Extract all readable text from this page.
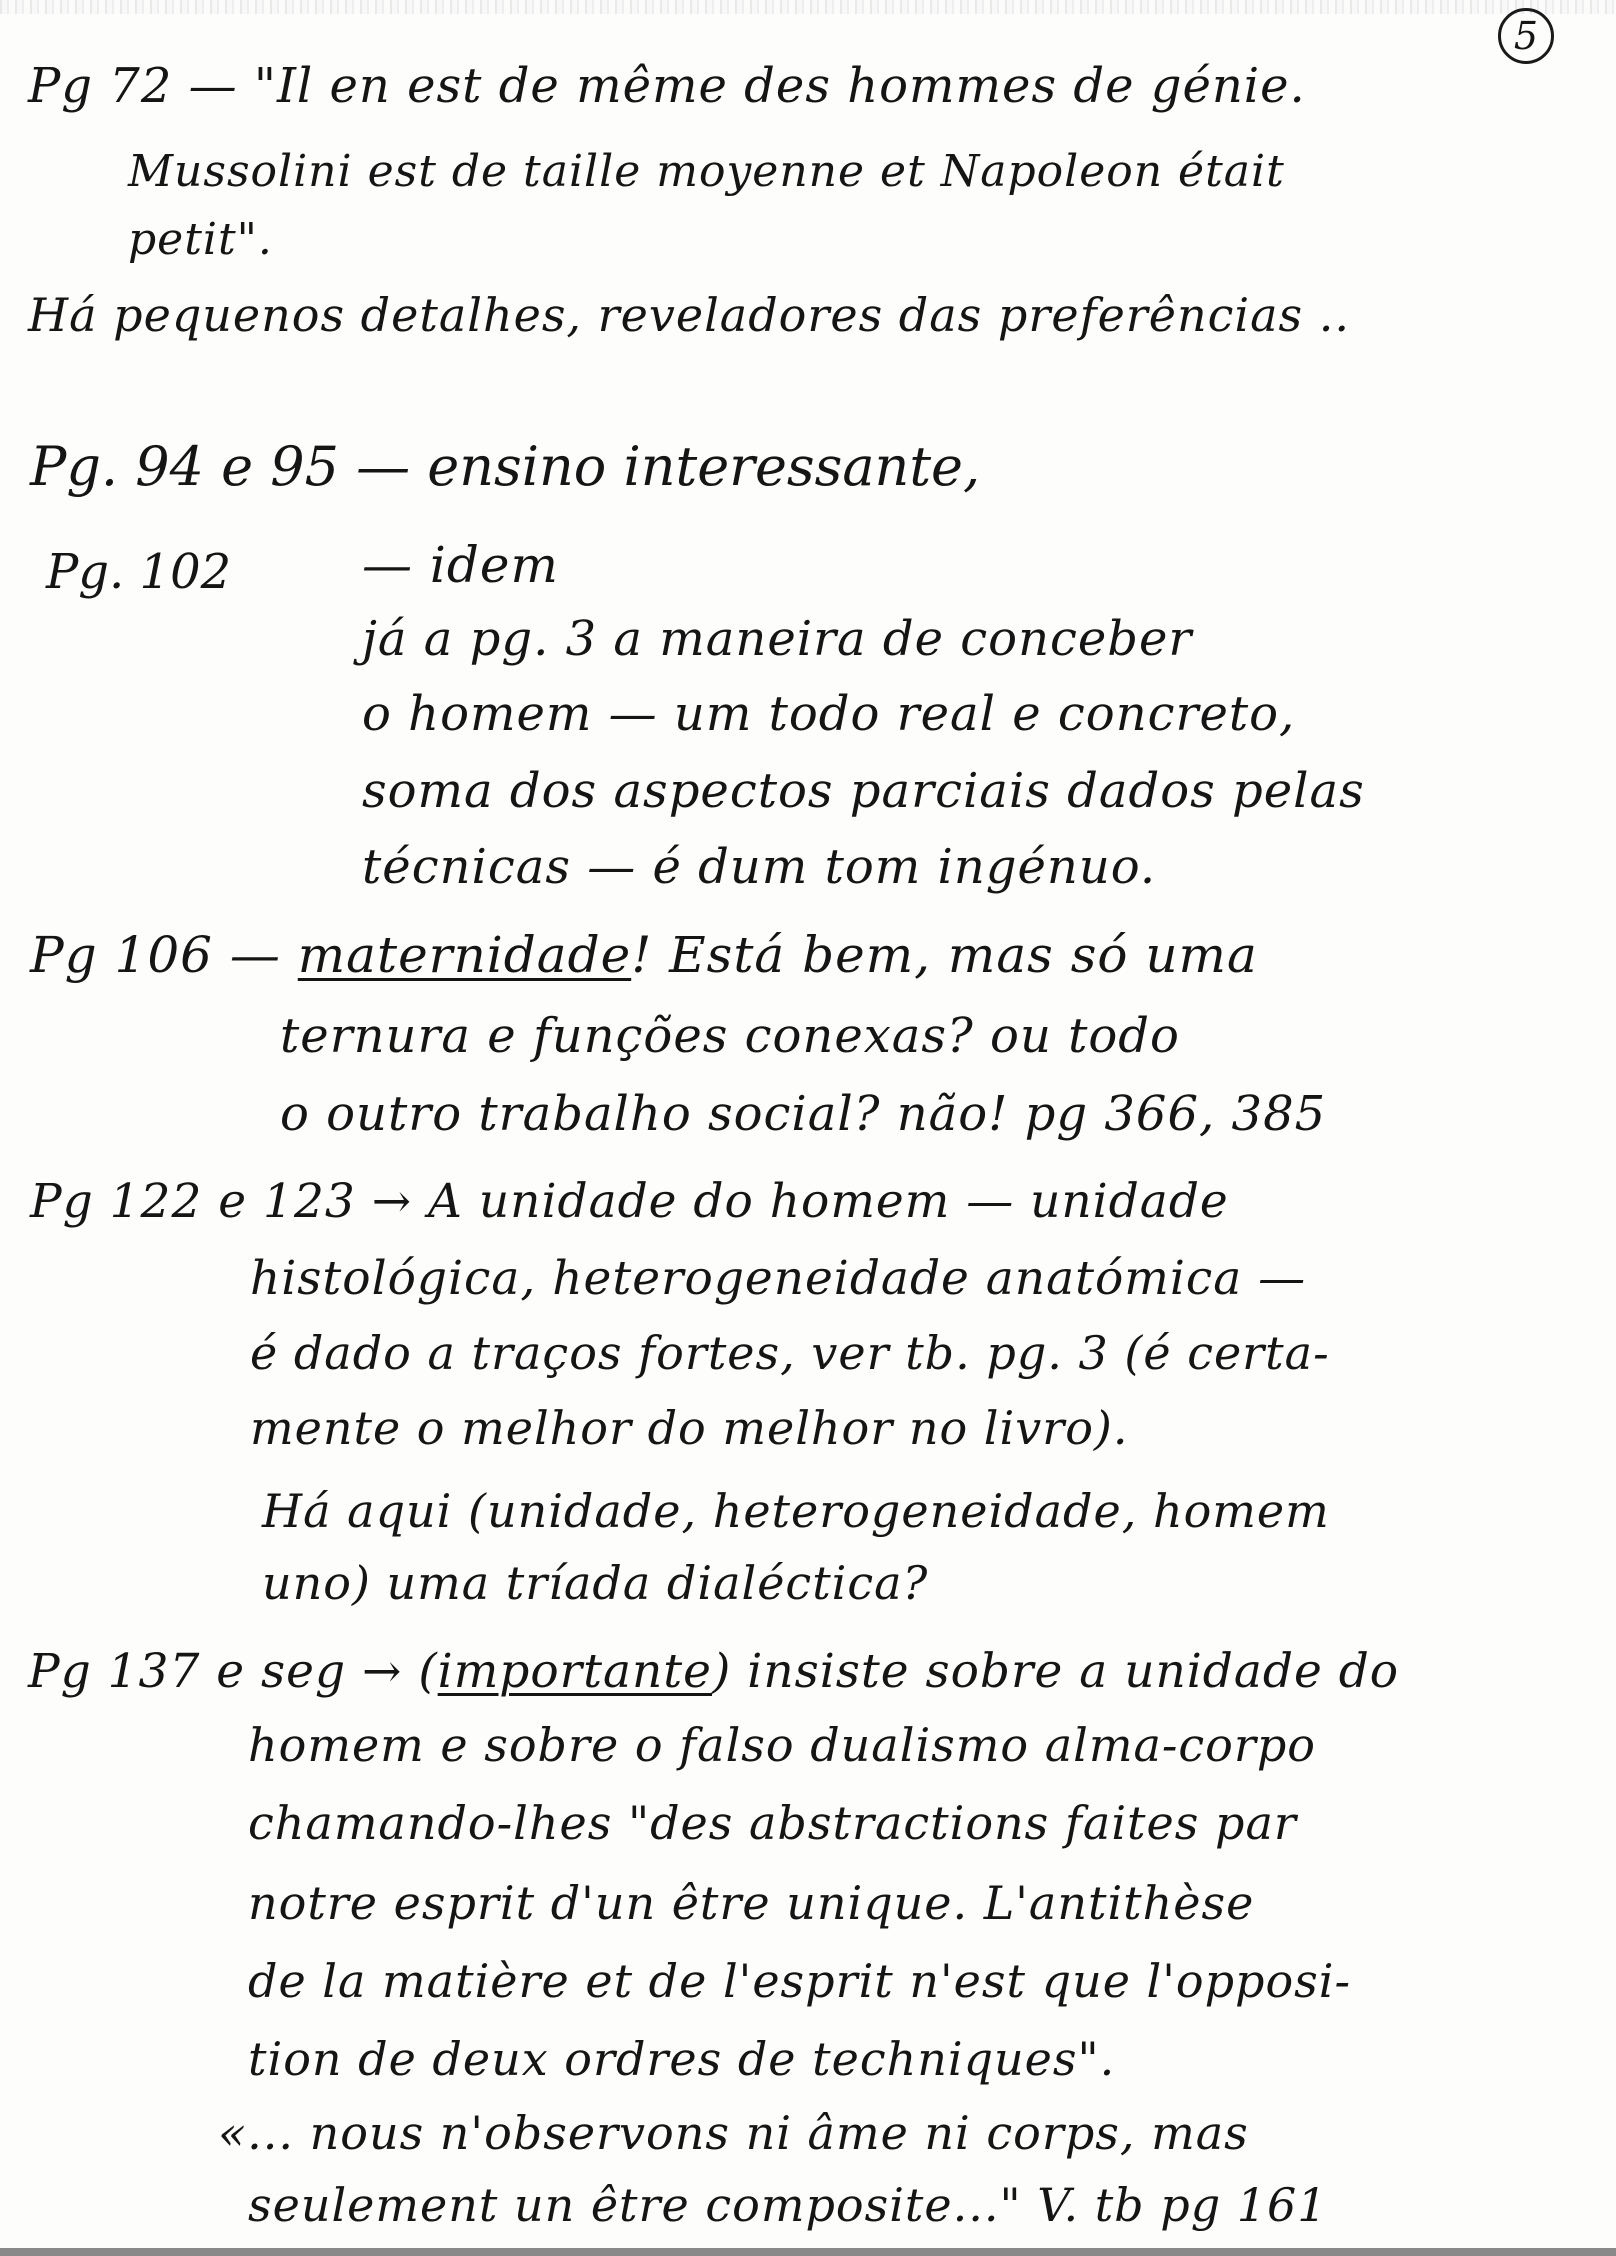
5
Pg 72 — "Il en est de même des hommes de génie.
Mussolini est de taille moyenne et Napoleon était
petit".
Há pequenos detalhes, reveladores das preferências ..
Pg. 94 e 95 — ensino interessante,
Pg. 102	— idem
já a pg. 3 a maneira de conceber
o homem — um todo real e concreto,
soma dos aspectos parciais dados pelas
técnicas — é dum tom ingénuo.
Pg 106 — maternidade! Está bem, mas só uma
ternura e funções conexas? ou todo
o outro trabalho social? não! pg 366, 385
Pg 122 e 123 → A unidade do homem — unidade
histológica, heterogeneidade anatómica —
é dado a traços fortes, ver tb. pg. 3 (é certa-
mente o melhor do melhor no livro).
Há aqui (unidade, heterogeneidade, homem
uno) uma tríada dialéctica?
Pg 137 e seg → (importante) insiste sobre a unidade do
homem e sobre o falso dualismo alma-corpo
chamando-lhes "des abstractions faites par
notre esprit d'un être unique. L'antithèse
de la matière et de l'esprit n'est que l'opposi-
tion de deux ordres de techniques".
«... nous n'observons ni âme ni corps, mas
seulement un être composite..." V. tb pg 161
